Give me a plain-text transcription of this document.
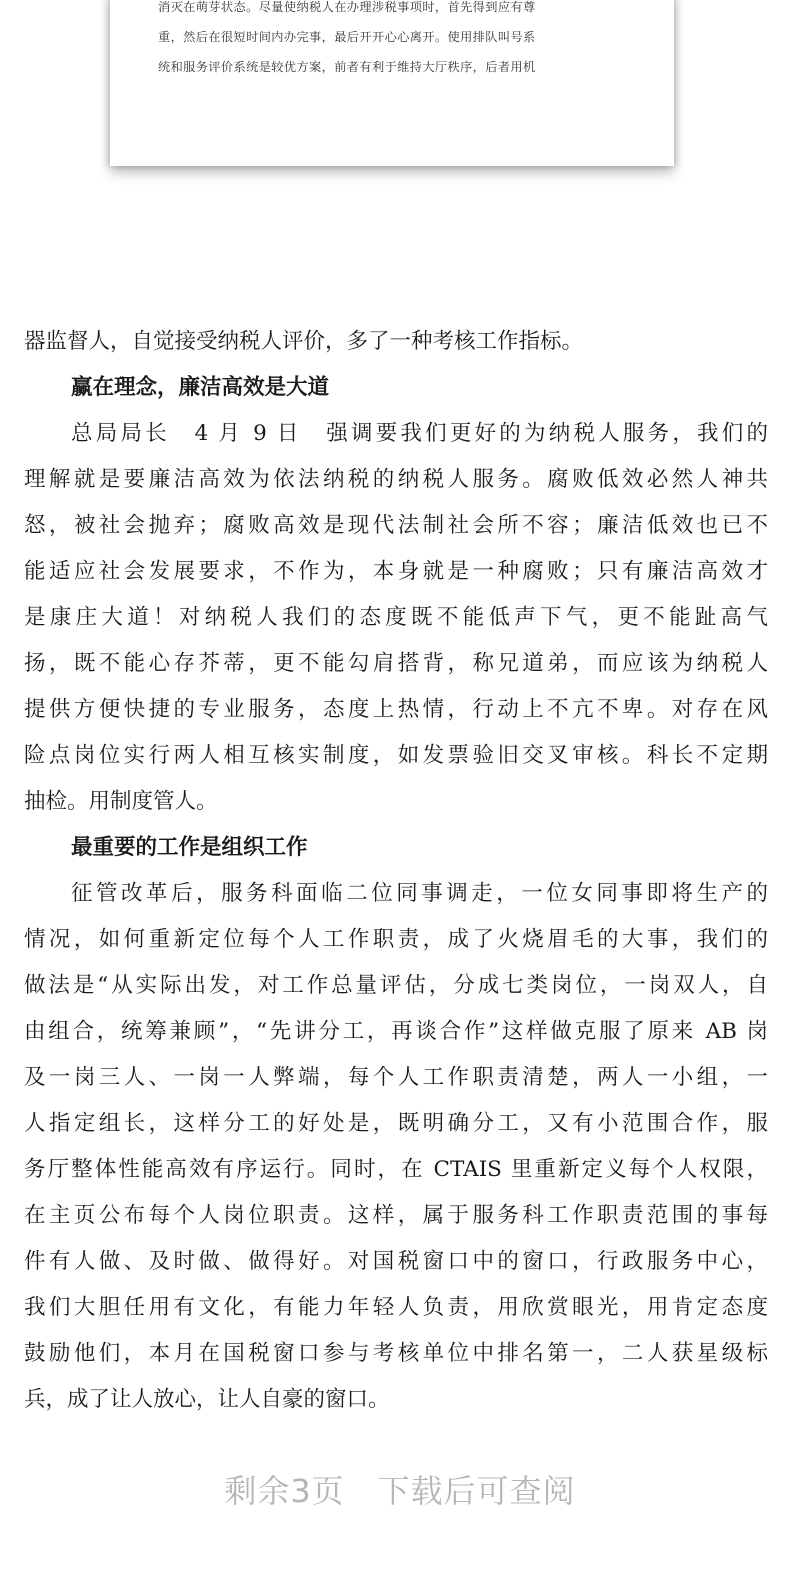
消灭在萌芽状态。尽量使纳税人在办理涉税事项时，首先得到应有尊
重，然后在很短时间内办完事，最后开开心心离开。使用排队叫号系
统和服务评价系统是较优方案，前者有利于维持大厅秩序，后者用机
器监督人，自觉接受纳税人评价，多了一种考核工作指标。
赢在理念，廉洁高效是大道
总局局长　4 月 9 日　强调要我们更好的为纳税人服务，我们的
理解就是要廉洁高效为依法纳税的纳税人服务。腐败低效必然人神共
怒，被社会抛弃；腐败高效是现代法制社会所不容；廉洁低效也已不
能适应社会发展要求，不作为，本身就是一种腐败；只有廉洁高效才
是康庄大道！对纳税人我们的态度既不能低声下气，更不能趾高气
扬，既不能心存芥蒂，更不能勾肩搭背，称兄道弟，而应该为纳税人
提供方便快捷的专业服务，态度上热情，行动上不亢不卑。对存在风
险点岗位实行两人相互核实制度，如发票验旧交叉审核。科长不定期
抽检。用制度管人。
最重要的工作是组织工作
征管改革后，服务科面临二位同事调走，一位女同事即将生产的
情况，如何重新定位每个人工作职责，成了火烧眉毛的大事，我们的
做法是“从实际出发，对工作总量评估，分成七类岗位，一岗双人，自
由组合，统筹兼顾”，“先讲分工，再谈合作”这样做克服了原来 AB 岗
及一岗三人、一岗一人弊端，每个人工作职责清楚，两人一小组，一
人指定组长，这样分工的好处是，既明确分工，又有小范围合作，服
务厅整体性能高效有序运行。同时，在 CTAIS 里重新定义每个人权限，
在主页公布每个人岗位职责。这样，属于服务科工作职责范围的事每
件有人做、及时做、做得好。对国税窗口中的窗口，行政服务中心，
我们大胆任用有文化，有能力年轻人负责，用欣赏眼光，用肯定态度
鼓励他们，本月在国税窗口参与考核单位中排名第一，二人获星级标
兵，成了让人放心，让人自豪的窗口。
剩余3页　下载后可查阅
